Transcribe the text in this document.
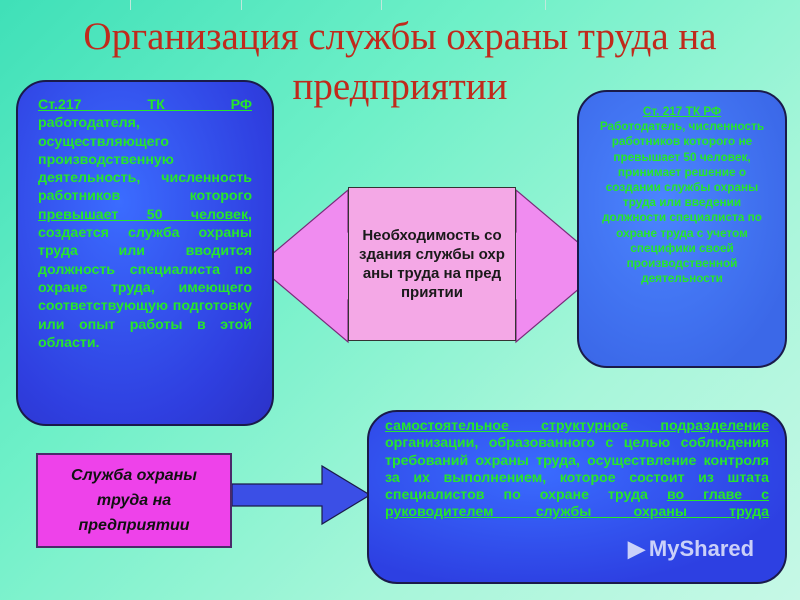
Организация службы охраны труда на
предприятии

Ст.217 ТК РФ работодателя, осуществляющего производственную деятельность, численность работников которого превышает 50 человек, создается служба охраны труда или вводится должность специалиста по охране труда, имеющего соответствующую подготовку или опыт работы в этой области.

Необходимость создания службы охраны труда на предприятии

Ст. 217 ТК РФ
Работодатель, численность работников которого не превышает 50 человек, принимает решение о создании службы охраны труда или введении должности специалиста по охране труда с учетом специфики своей производственной деятельности

Служба охраны труда на предприятии

самостоятельное структурное подразделение организации, образованного с целью соблюдения требований охраны труда, осуществление контроля за их выполнением, которое состоит из штата специалистов по охране труда во главе с руководителем службы охраны труда

▶ MyShared
